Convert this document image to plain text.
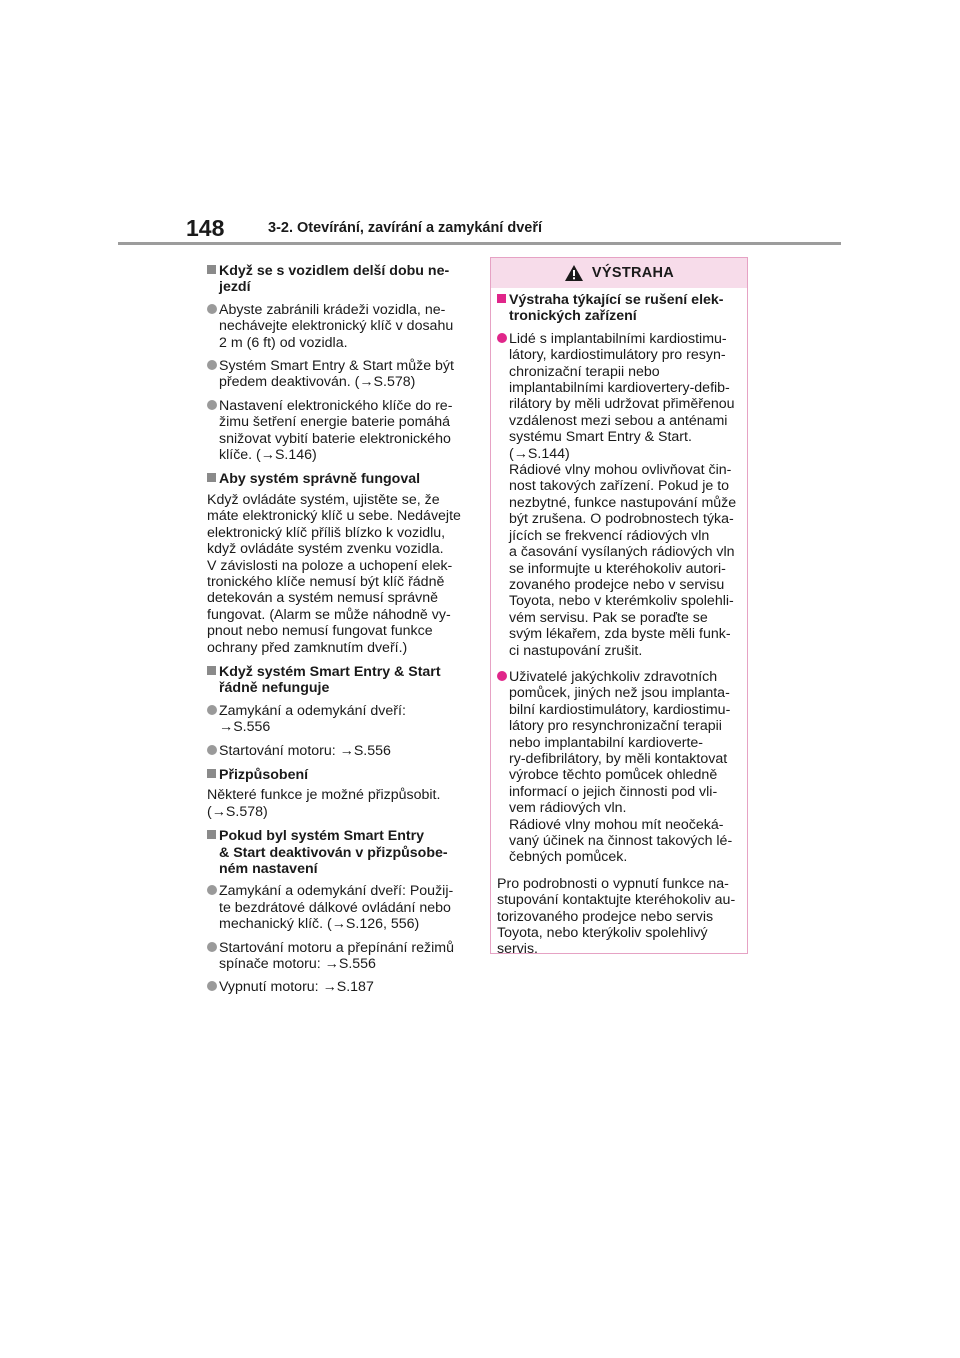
148	3-2. Otevírání, zavírání a zamykání dveří
Když se s vozidlem delší dobu ne-
jezdí
Abyste zabránili krádeži vozidla, ne-
nechávejte elektronický klíč v dosahu
2 m (6 ft) od vozidla.
Systém Smart Entry & Start může být
předem deaktivován. (→S.578)
Nastavení elektronického klíče do re-
žimu šetření energie baterie pomáhá
snižovat vybití baterie elektronického
klíče. (→S.146)
Aby systém správně fungoval
Když ovládáte systém, ujistěte se, že
máte elektronický klíč u sebe. Nedávejte
elektronický klíč příliš blízko k vozidlu,
když ovládáte systém zvenku vozidla.
V závislosti na poloze a uchopení elek-
tronického klíče nemusí být klíč řádně
detekován a systém nemusí správně
fungovat. (Alarm se může náhodně vy-
pnout nebo nemusí fungovat funkce
ochrany před zamknutím dveří.)
Když systém Smart Entry & Start
řádně nefunguje
Zamykání a odemykání dveří:
→S.556
Startování motoru: →S.556
Přizpůsobení
Některé funkce je možné přizpůsobit.
(→S.578)
Pokud byl systém Smart Entry
& Start deaktivován v přizpůsobe-
ném nastavení
Zamykání a odemykání dveří: Použij-
te bezdrátové dálkové ovládání nebo
mechanický klíč. (→S.126, 556)
Startování motoru a přepínání režimů
spínače motoru: →S.556
Vypnutí motoru: →S.187
VÝSTRAHA
Výstraha týkající se rušení elek-
tronických zařízení
Lidé s implantabilními kardiostimu-
látory, kardiostimulátory pro resyn-
chronizační terapii nebo
implantabilními kardiovertery-defib-
rilátory by měli udržovat přiměřenou
vzdálenost mezi sebou a anténami
systému Smart Entry & Start.
(→S.144)
Rádiové vlny mohou ovlivňovat čin-
nost takových zařízení. Pokud je to
nezbytné, funkce nastupování může
být zrušena. O podrobnostech týka-
jících se frekvencí rádiových vln
a časování vysílaných rádiových vln
se informujte u kteréhokoliv autori-
zovaného prodejce nebo v servisu
Toyota, nebo v kterémkoliv spolehli-
vém servisu. Pak se poraďte se
svým lékařem, zda byste měli funk-
ci nastupování zrušit.
Uživatelé jakýchkoliv zdravotních
pomůcek, jiných než jsou implanta-
bilní kardiostimulátory, kardiostimu-
látory pro resynchronizační terapii
nebo implantabilní kardioverte-
ry-defibrilátory, by měli kontaktovat
výrobce těchto pomůcek ohledně
informací o jejich činnosti pod vli-
vem rádiových vln.
Rádiové vlny mohou mít neočeká-
vaný účinek na činnost takových lé-
čebných pomůcek.
Pro podrobnosti o vypnutí funkce na-
stupování kontaktujte kteréhokoliv au-
torizovaného prodejce nebo servis
Toyota, nebo kterýkoliv spolehlivý
servis.
